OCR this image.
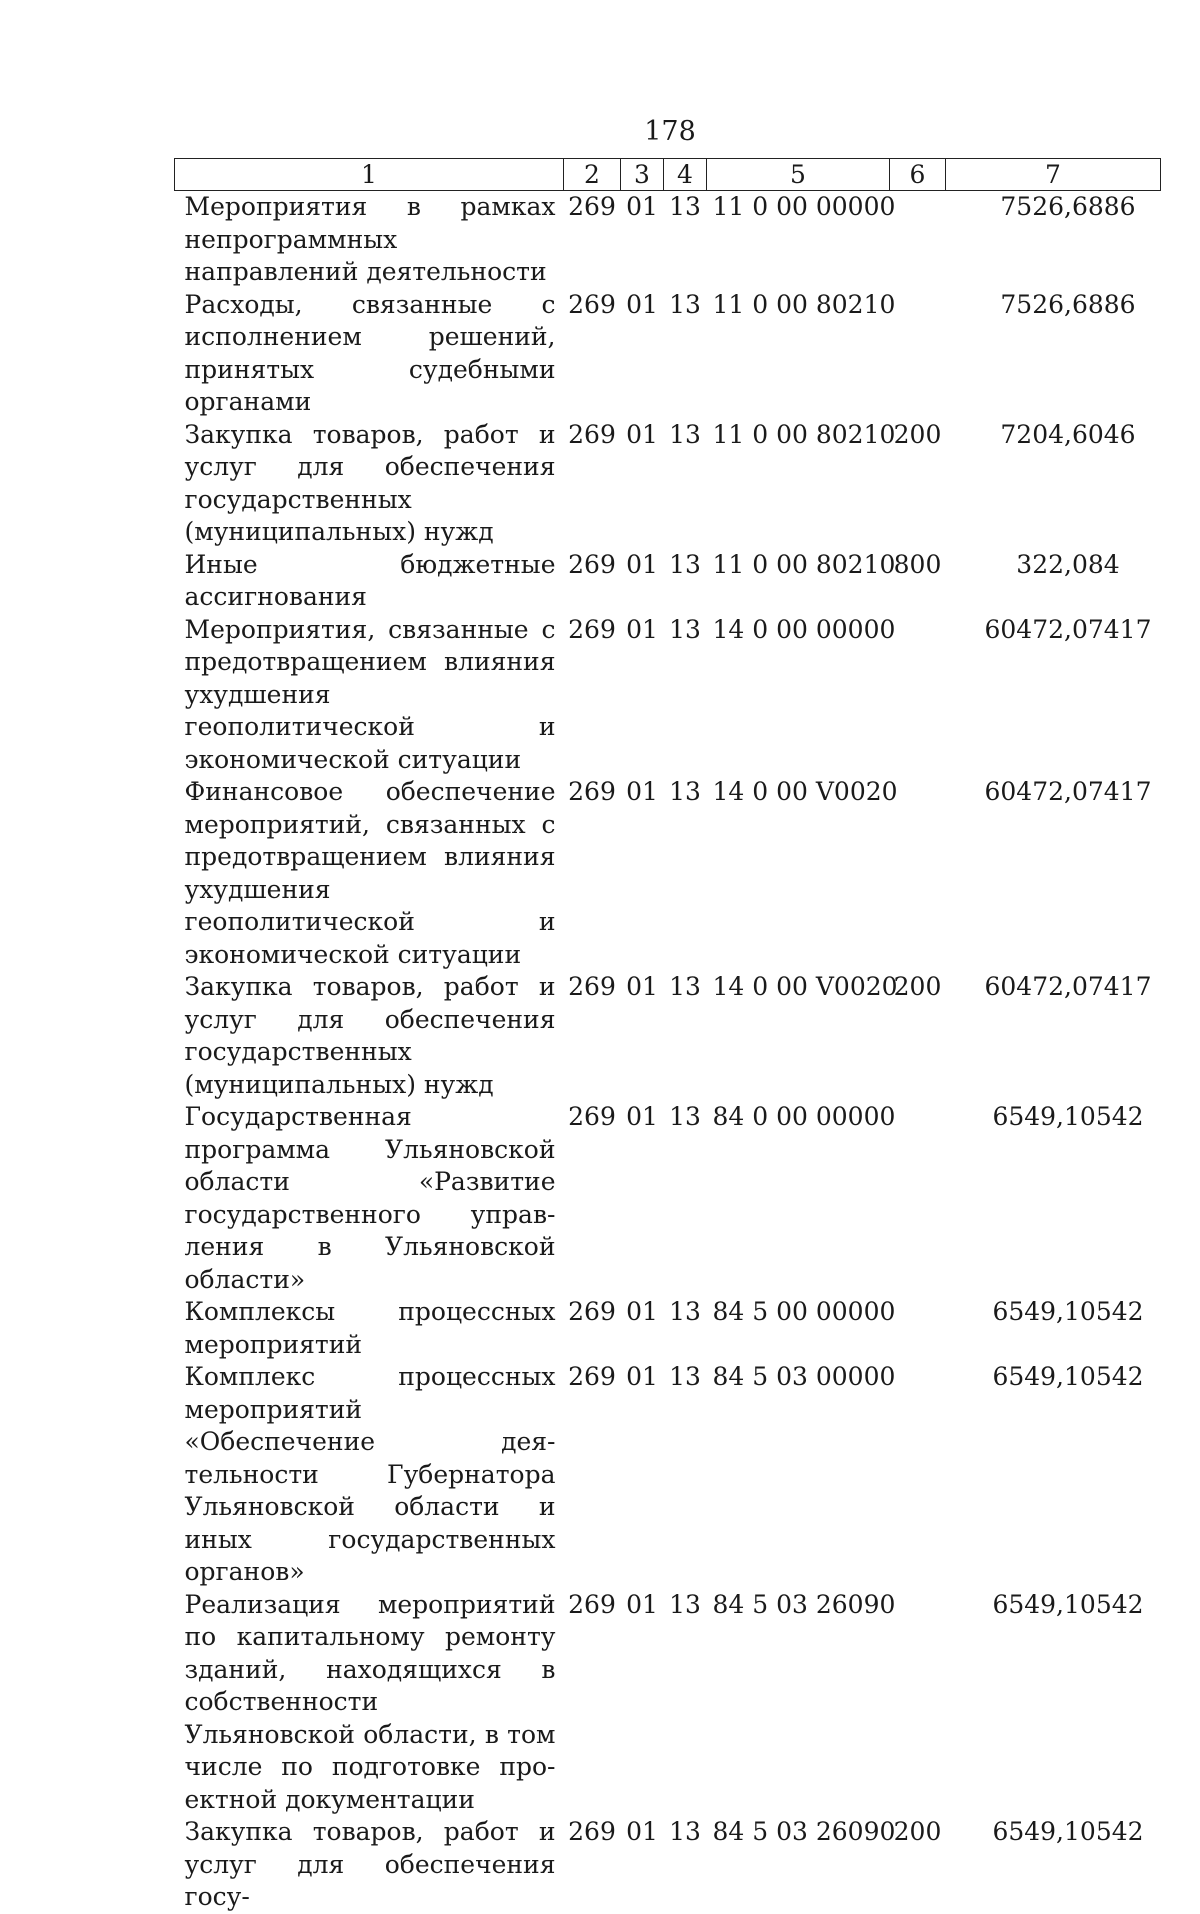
178
1	2	3	4	5	6	7
Мероприятия в рамках непрограммных направлений деятельности	269	01	13	11 0 00 00000		7526,6886
Расходы, связанные с исполнением решений, принятых судебными органами	269	01	13	11 0 00 80210		7526,6886
Закупка товаров, работ и услуг для обеспечения государственных (муниципальных) нужд	269	01	13	11 0 00 80210	200	7204,6046
Иные бюджетные ассигнования	269	01	13	11 0 00 80210	800	322,084
Мероприятия, связанные с предотвращением влияния ухудшения геополитической и экономической ситуации	269	01	13	14 0 00 00000		60472,07417
Финансовое обеспечение мероприятий, связанных с предотвращением влияния ухудшения геополитической и экономической ситуации	269	01	13	14 0 00 V0020		60472,07417
Закупка товаров, работ и услуг для обеспечения государственных (муниципальных) нужд	269	01	13	14 0 00 V0020	200	60472,07417
Государственная программа Ульяновской области «Развитие государственного управления в Ульяновской области»	269	01	13	84 0 00 00000		6549,10542
Комплексы процессных мероприятий	269	01	13	84 5 00 00000		6549,10542
Комплекс процессных мероприятий «Обеспечение деятельности Губернатора Ульяновской области и иных государственных органов»	269	01	13	84 5 03 00000		6549,10542
Реализация мероприятий по капитальному ремонту зданий, находящихся в собственности Ульяновской области, в том числе по подготовке проектной документации	269	01	13	84 5 03 26090		6549,10542
Закупка товаров, работ и услуг для обеспечения госу-	269	01	13	84 5 03 26090	200	6549,10542
